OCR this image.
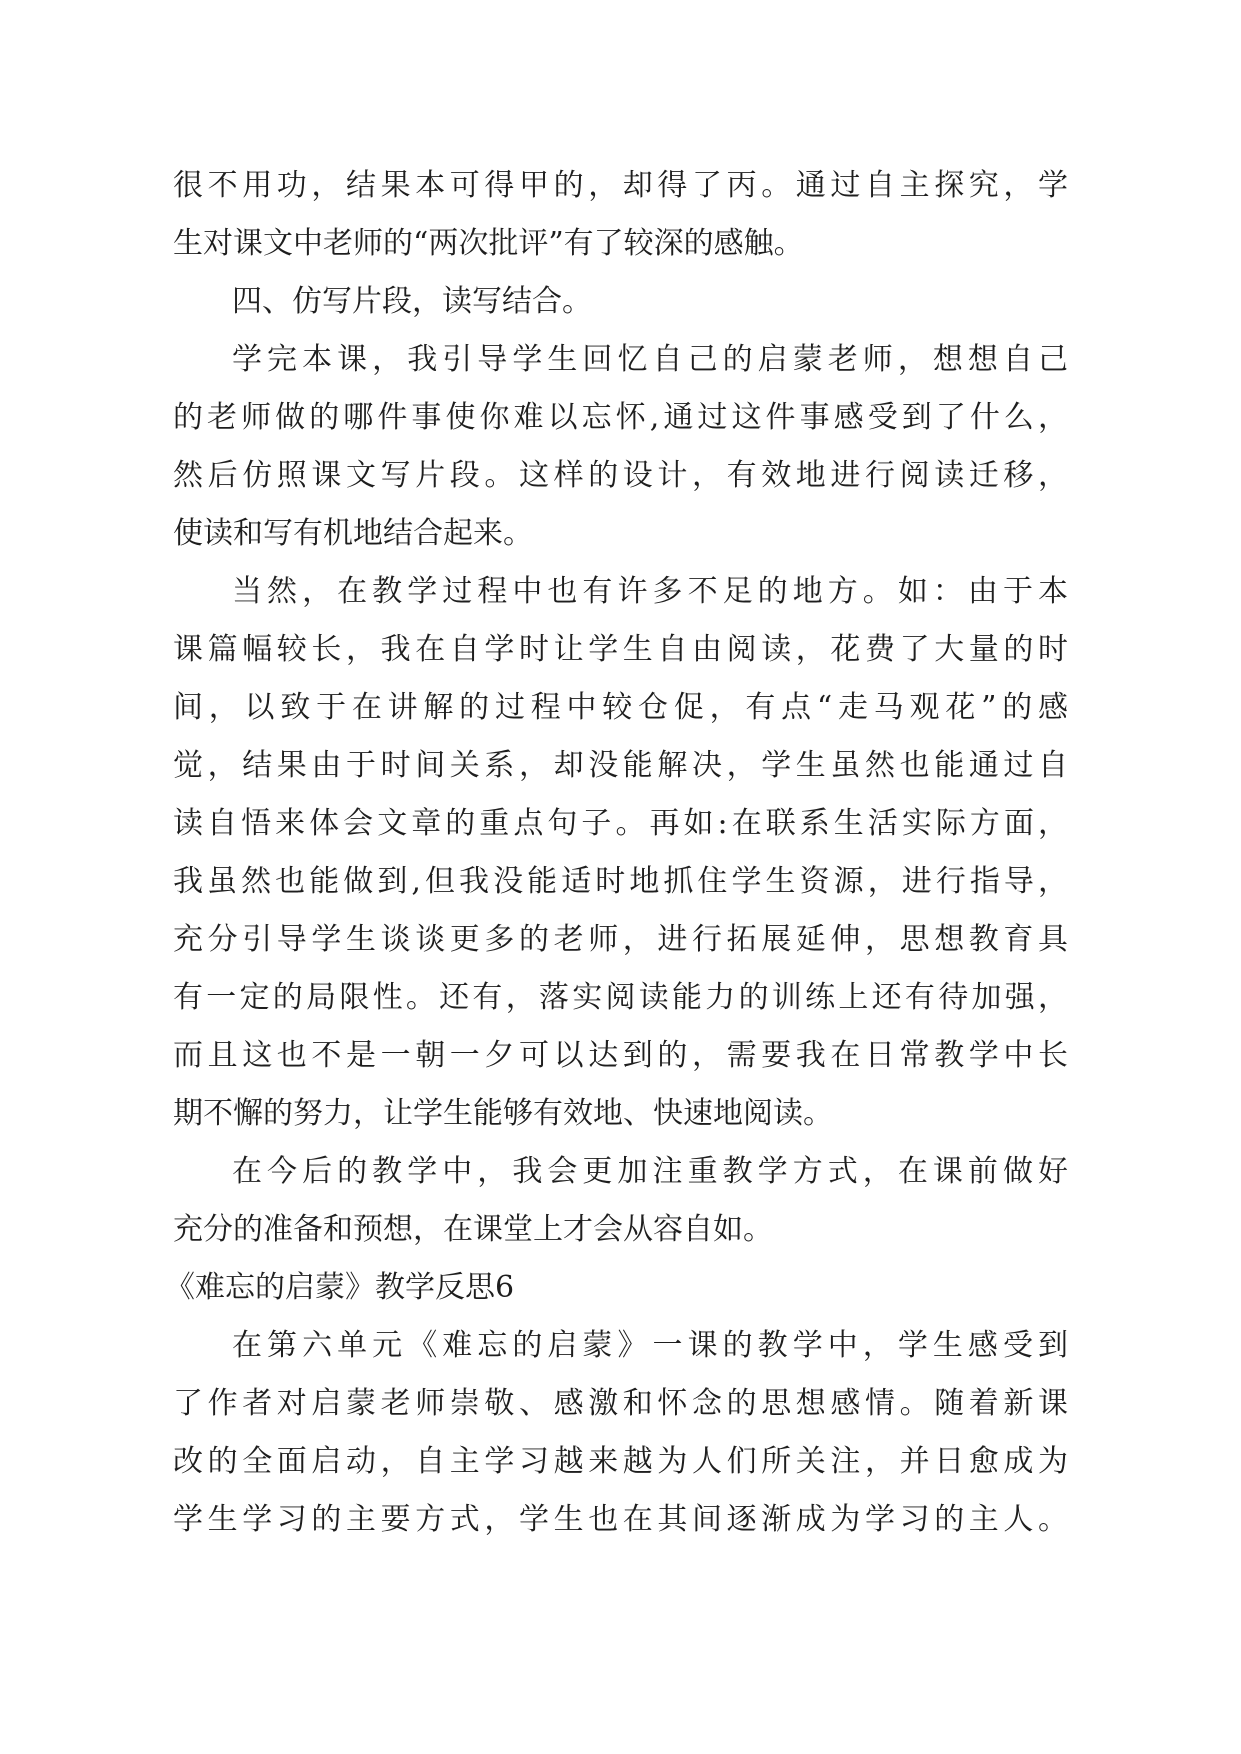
很不用功，结果本可得甲的，却得了丙。通过自主探究，学
生对课文中老师的“两次批评”有了较深的感触。
四、仿写片段，读写结合。
学完本课，我引导学生回忆自己的启蒙老师，想想自己
的老师做的哪件事使你难以忘怀,通过这件事感受到了什么，
然后仿照课文写片段。这样的设计，有效地进行阅读迁移，
使读和写有机地结合起来。
当然，在教学过程中也有许多不足的地方。如：由于本
课篇幅较长，我在自学时让学生自由阅读，花费了大量的时
间，以致于在讲解的过程中较仓促，有点“走马观花”的感
觉，结果由于时间关系，却没能解决，学生虽然也能通过自
读自悟来体会文章的重点句子。再如:在联系生活实际方面，
我虽然也能做到,但我没能适时地抓住学生资源，进行指导，
充分引导学生谈谈更多的老师，进行拓展延伸，思想教育具
有一定的局限性。还有，落实阅读能力的训练上还有待加强，
而且这也不是一朝一夕可以达到的，需要我在日常教学中长
期不懈的努力，让学生能够有效地、快速地阅读。
在今后的教学中，我会更加注重教学方式，在课前做好
充分的准备和预想，在课堂上才会从容自如。
《难忘的启蒙》教学反思6
在第六单元《难忘的启蒙》一课的教学中，学生感受到
了作者对启蒙老师崇敬、感激和怀念的思想感情。随着新课
改的全面启动，自主学习越来越为人们所关注，并日愈成为
学生学习的主要方式，学生也在其间逐渐成为学习的主人。
